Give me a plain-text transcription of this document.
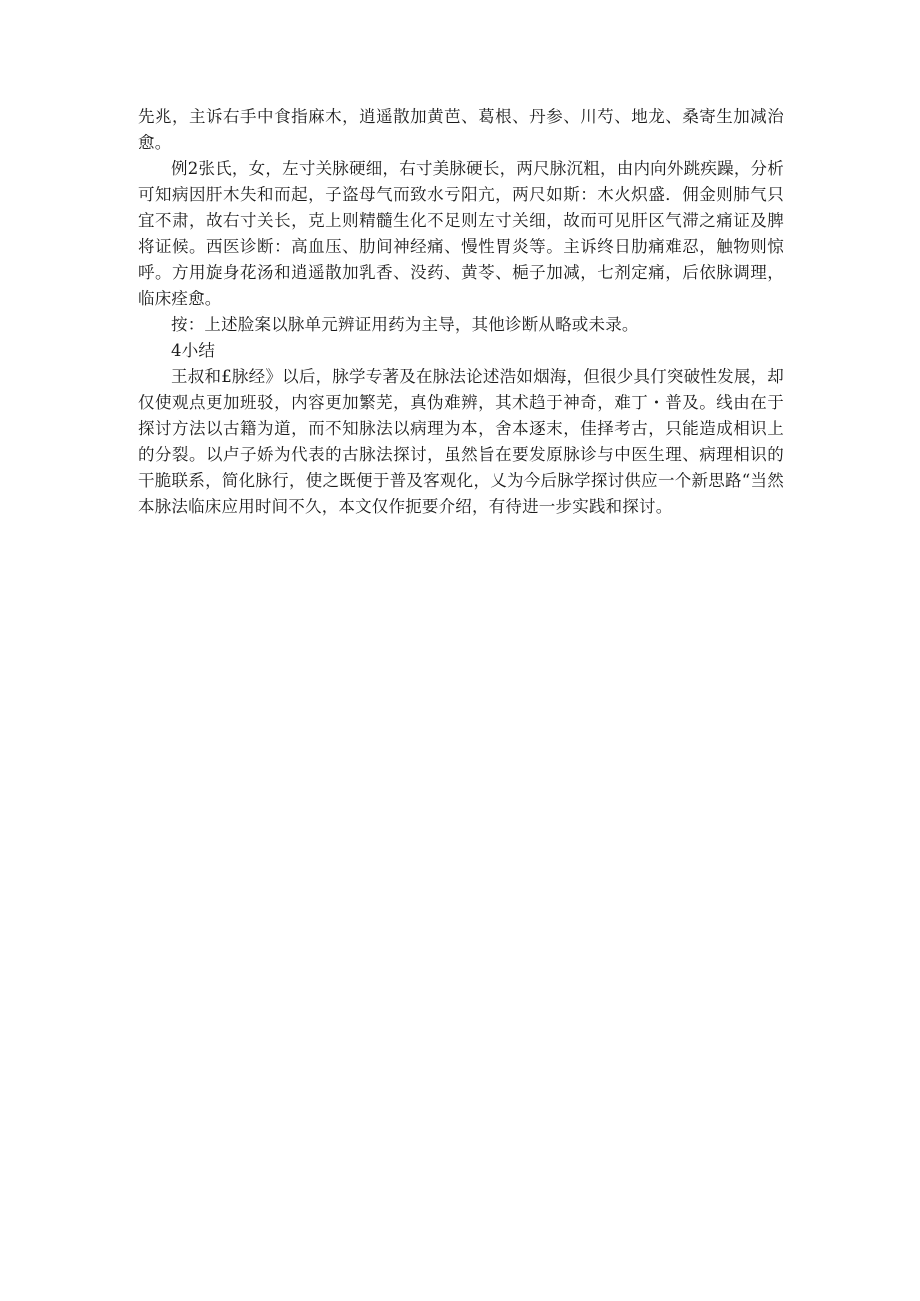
先兆，主诉右手中食指麻木，逍遥散加黄芭、葛根、丹参、川芍、地龙、桑寄生加减治愈。

例2张氏，女，左寸关脉硬细，右寸美脉硬长，两尺脉沉粗，由内向外跳疾躁，分析可知病因肝木失和而起，子盗母气而致水亏阳亢，两尺如斯：木火炽盛．佣金则肺气只宜不肃，故右寸关长，克上则精髓生化不足则左寸关细，故而可见肝区气滞之痛证及脾将证候。西医诊断：高血压、肋间神经痛、慢性胃炎等。主诉终日肋痛难忍，触物则惊呼。方用旋身花汤和逍遥散加乳香、没药、黄苓、梔子加减，七剂定痛，后依脉调理，临床痊愈。

按：上述脸案以脉单元辨证用药为主导，其他诊断从略或未录。

4小结

王叔和£脉经》以后，脉学专著及在脉法论述浩如烟海，但很少具仃突破性发展，却仅使观点更加班驳，内容更加繁芜，真伪难辨，其术趋于神奇，难丁・普及。线由在于探讨方法以古籍为道，而不知脉法以病理为本，舍本逐末，佳择考古，只能造成相识上的分裂。以卢子娇为代表的古脉法探讨，虽然旨在要发原脉诊与中医生理、病理相识的干脆联系，简化脉行，使之既便于普及客观化，乂为今后脉学探讨供应一个新思路“当然本脉法临床应用时间不久，本文仅作扼要介绍，有待进一步实践和探讨。
